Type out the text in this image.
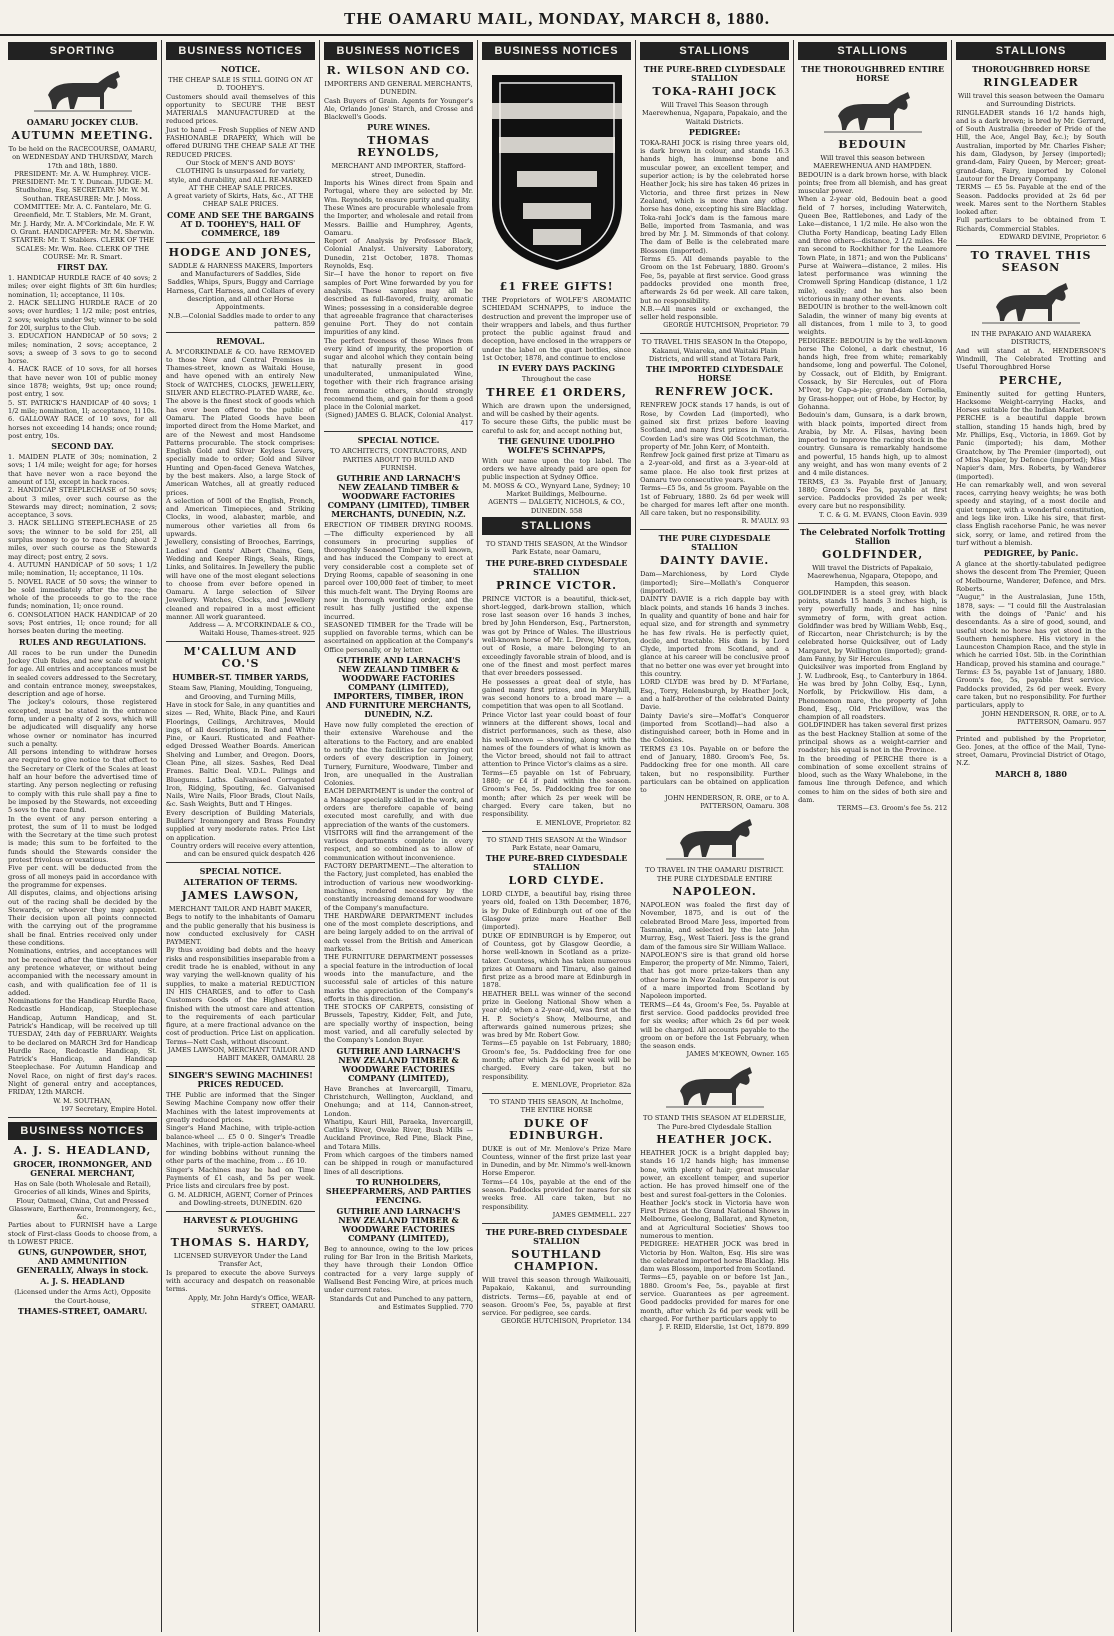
THE OAMARU MAIL, MONDAY, MARCH 8, 1880.
SPORTING
OAMARU JOCKEY CLUB.
AUTUMN MEETING.
To be held on the RACECOURSE, OAMARU, on WEDNESDAY AND THURSDAY, March 17th and 18th, 1880.
PRESIDENT: Mr. A. W. Humphrey. VICE-PRESIDENT: Mr. T. Y. Duncan. JUDGE: M. Studholme, Esq. SECRETARY: Mr. W. M. Southan. TREASURER: Mr. J. Moss.
COMMITTEE: Mr. A. C. Fantelaro, Mr. G. Greenfield, Mr. T. Stablers, Mr. M. Grant, Mr. J. Hardy, Mr. A. M'Corkindale, Mr. F. W. O. Grant. HANDICAPPER: Mr. M. Sherwin. STARTER: Mr. T. Stablers. CLERK OF THE SCALES: Mr. Wm. Ree. CLERK OF THE COURSE: Mr. R. Smart.
FIRST DAY.
1. HANDICAP HURDLE RACE of 40 sovs; 2 miles; over eight flights of 3ft 6in hurdles; nomination, 1l; acceptance, 1l 10s.
2. HACK SELLING HURDLE RACE of 20 sovs; over hurdles; 1 1/2 mile; post entries, 2 sovs; weights under 9st; winner to be sold for 20l, surplus to the Club.
3. EDUCATION HANDICAP of 50 sovs; 2 miles; nomination, 2 sovs; acceptance, 2 sovs; a sweep of 3 sovs to go to second horse.
4. HACK RACE of 10 sovs, for all horses that have never won 10l of public money since 1878; weights, 9st up; once round; post entry, 1 sov.
5. ST. PATRICK'S HANDICAP of 40 sovs; 1 1/2 mile; nomination, 1l; acceptance, 1l 10s.
6. GALLOWAY RACE of 10 sovs, for all horses not exceeding 14 hands; once round; post entry, 10s.
SECOND DAY.
1. MAIDEN PLATE of 30s; nomination, 2 sovs; 1 1/4 mile; weight for age; for horses that have never won a race beyond the amount of 15l, except in hack races.
2. HANDICAP STEEPLECHASE of 50 sovs; about 3 miles, over such course as the Stewards may direct; nomination, 2 sovs; acceptance, 3 sovs.
3. HACK SELLING STEEPLECHASE of 25 sovs; the winner to be sold for 25l, all surplus money to go to race fund; about 2 miles, over such course as the Stewards may direct; post entry, 2 sovs.
4. AUTUMN HANDICAP of 50 sovs; 1 1/2 mile; nomination, 1l; acceptance, 1l 10s.
5. NOVEL RACE of 50 sovs; the winner to be sold immediately after the race; the whole of the proceeds to go to the race funds; nomination, 1l; once round.
6. CONSOLATION HACK HANDICAP of 20 sovs; Post entries, 1l; once round; for all horses beaten during the meeting.
RULES AND REGULATIONS.
All races to be run under the Dunedin Jockey Club Rules, and new scale of weight for age. All entries and acceptances must be in sealed covers addressed to the Secretary, and contain entrance money, sweepstakes, description and age of horse.
The jockey's colours, those registered excepted, must be stated in the entrance form, under a penalty of 2 sovs, which will be adjudicated will disqualify any horse whose owner or nominator has incurred such a penalty.
All persons intending to withdraw horses are required to give notice to that effect to the Secretary or Clerk of the Scales at least half an hour before the advertised time of starting. Any person neglecting or refusing to comply with this rule shall pay a fine to be imposed by the Stewards, not exceeding 5 sovs to the race fund.
In the event of any person entering a protest, the sum of 1l to must be lodged with the Secretary at the time such protest is made; this sum to be forfeited to the funds should the Stewards consider the protest frivolous or vexatious.
Five per cent. will be deducted from the gross of all moneys paid in accordance with the programme for expenses.
All disputes, claims, and objections arising out of the racing shall be decided by the Stewards, or whoever they may appoint. Their decision upon all points connected with the carrying out of the programme shall be final. Entries received only under these conditions.
Nominations, entries, and acceptances will not be received after the time stated under any pretence whatever, or without being accompanied with the necessary amount in cash, and with qualification fee of 1l is added.
Nominations for the Handicap Hurdle Race, Redcastle Handicap, Steeplechase Handicap, Autumn Handicap, and St. Patrick's Handicap, will be received up till TUESDAY, 24th day of FEBRUARY. Weights to be declared on MARCH 3rd for Handicap Hurdle Race, Redcastle Handicap, St. Patrick's Handicap, and Handicap Steeplechase. For Autumn Handicap and Novel Race, on night of first day's races. Night of general entry and acceptances, FRIDAY, 12th MARCH.
W. M. SOUTHAN,
197 Secretary, Empire Hotel.
BUSINESS NOTICES
A. J. S. HEADLAND,
GROCER, IRONMONGER, AND GENERAL MERCHANT,
Has on Sale (both Wholesale and Retail), Groceries of all kinds, Wines and Spirits, Flour, Oatmeal, China, Cut and Pressed Glassware, Earthenware, Ironmongery, &c., &c.
Parties about to FURNISH have a Large stock of First-class Goods to choose from, a th LOWEST PRICE.
GUNS, GUNPOWDER, SHOT, AND AMMUNITION GENERALLY, Always in stock.
A. J. S. HEADLAND
(Licensed under the Arms Act), Opposite the Court-house,
THAMES-STREET, OAMARU.
BUSINESS NOTICES
NOTICE.
THE CHEAP SALE IS STILL GOING ON AT D. TOOHEY'S.
Customers should avail themselves of this opportunity to SECURE THE BEST MATERIALS MANUFACTURED at the reduced prices.
Just to hand — Fresh Supplies of NEW AND FASHIONABLE DRAPERY, Which will be offered DURING THE CHEAP SALE AT THE REDUCED PRICES.
Our Stock of MEN'S AND BOYS' CLOTHING Is unsurpassed for variety, style, and durability, and ALL RE-MARKED AT THE CHEAP SALE PRICES.
A great variety of Skirts, Hats, &c., AT THE CHEAP SALE PRICES.
COME AND SEE THE BARGAINS AT D. TOOHEY'S, HALL OF COMMERCE, 189
HODGE AND JONES,
SADDLE & HARNESS MAKERS, Importers and Manufacturers of Saddles, Side Saddles, Whips, Spurs, Buggy and Carriage Harness, Cart Harness, and Collars of every description, and all other Horse Appointments.
N.B.—Colonial Saddles made to order to any pattern. 859
REMOVAL.
A. M'CORKINDALE & CO. have REMOVED to those New and Central Premises in Thames-street, known as Waitaki House, and have opened with an entirely New Stock of WATCHES, CLOCKS, JEWELLERY, SILVER AND ELECTRO-PLATED WARE, &c.
The above is the finest stock of goods which has ever been offered to the public of Oamaru. The Plated Goods have been imported direct from the Home Market, and are of the Newest and most Handsome Patterns procurable. The stock comprises: English Gold and Silver Keyless Levers, specially made to order; Gold and Silver Hunting and Open-faced Geneva Watches, by the best makers. Also, a large Stock of American Watches, all at greatly reduced prices.
A selection of 500l of the English, French, and American Timepieces, and Striking Clocks, in wood, alabaster, marble, and numerous other varieties all from 6s upwards.
Jewellery, consisting of Brooches, Earrings, Ladies' and Gents' Albert Chains, Gem, Wedding and Keeper Rings, Seals, Rings, Links, and Solitaires. In Jewellery the public will have one of the most elegant selections to choose from ever before opened in Oamaru. A large selection of Silver Jewellery. Watches, Clocks, and Jewellery cleaned and repaired in a most efficient manner. All work guaranteed.
Address — A. M'CORKINDALE & CO., Waitaki House, Thames-street. 925
M'CALLUM AND CO.'S
HUMBER-ST. TIMBER YARDS,
Steam Saw, Planing, Moulding, Tongueing, and Grooving, and Turning Mills,
Have in stock for Sale, in any quantities and sizes — Red, White, Black Pine, and Kauri Floorings, Ceilings, Architraves, Mould ings, of all descriptions, in Red and White Pine, or Kauri. Rusticated and Feather-edged Dressed Weather Boards. American Shelving and Lumber, and Oregon. Doors, Clean Pine, all sizes. Sashes, Red Deal Frames. Baltic Deal. V.D.L. Palings and Bluegums. Laths. Galvanised Corrugated Iron, Ridging, Spouting, &c. Galvanised Nails, Wire Nails, Floor Brads, Clout Nails, &c. Sash Weights, Butt and T Hinges.
Every description of Building Materials, Builders' Ironmongery and Brass Foundry supplied at very moderate rates. Price List on application.
Country orders will receive every attention, and can be ensured quick despatch 426
SPECIAL NOTICE.
ALTERATION OF TERMS.
JAMES LAWSON,
MERCHANT TAILOR AND HABIT MAKER,
Begs to notify to the inhabitants of Oamaru and the public generally that his business is now conducted exclusively for CASH PAYMENT.
By thus avoiding bad debts and the heavy risks and responsibilities inseparable from a credit trade he is enabled, without in any way varying the well-known quality of his supplies, to make a material REDUCTION IN HIS CHARGES, and to offer to Cash Customers Goods of the Highest Class, finished with the utmost care and attention to the requirements of each particular figure, at a mere fractional advance on the cost of production. Price List on application. Terms—Nett Cash, without discount.
JAMES LAWSON, MERCHANT TAILOR AND HABIT MAKER, OAMARU. 28
SINGER'S SEWING MACHINES! PRICES REDUCED.
THE Public are informed that the Singer Sewing Machine Company now offer their Machines with the latest improvements at greatly reduced prices.
Singer's Hand Machine, with triple-action balance-wheel ... £5 0 0. Singer's Treadle Machines, with triple-action balance-wheel for winding bobbins without running the other parts of the machine, from ... £6 10.
Singer's Machines may be had on Time Payments of £1 cash, and 5s per week. Price lists and circulars free by post.
G. M. ALDRICH, AGENT, Corner of Princes and Dowling-streets, DUNEDIN. 620
HARVEST & PLOUGHING SURVEYS.
THOMAS S. HARDY,
LICENSED SURVEYOR Under the Land Transfer Act,
Is prepared to execute the above Surveys with accuracy and despatch on reasonable terms.
Apply, Mr. John Hardy's Office, WEAR-STREET, OAMARU.
BUSINESS NOTICES
R. WILSON AND CO.
IMPORTERS AND GENERAL MERCHANTS, DUNEDIN.
Cash Buyers of Grain. Agents for Younger's Ale, Orlando Jones' Starch, and Crosse and Blackwell's Goods.
PURE WINES.
THOMAS REYNOLDS,
MERCHANT AND IMPORTER, Stafford-street, Dunedin.
Imports his Wines direct from Spain and Portugal, where they are selected by Mr. Wm. Reynolds, to ensure purity and quality.
These Wines are procurable wholesale from the Importer, and wholesale and retail from Messrs. Baillie and Humphrey, Agents, Oamaru.
Report of Analysis by Professor Black, Colonial Analyst. University Laboratory, Dunedin, 21st October, 1878. Thomas Reynolds, Esq.
Sir—I have the honor to report on five samples of Port Wine forwarded by you for analysis. These samples may all be described as full-flavored, fruity, aromatic Wines; possessing in a considerable degree that agreeable fragrance that characterises genuine Port. They do not contain impurities of any kind.
The perfect freeness of these Wines from every kind of impurity, the proportion of sugar and alcohol which they contain being that naturally present in good unadulterated, unmanipulated Wine, together with their rich fragrance arising from aromatic ethers, should strongly recommend them, and gain for them a good place in the Colonial market.
(Signed) JAMES G. BLACK, Colonial Analyst. 417
SPECIAL NOTICE.
TO ARCHITECTS, CONTRACTORS, AND PARTIES ABOUT TO BUILD AND FURNISH.
GUTHRIE AND LARNACH'S NEW ZEALAND TIMBER & WOODWARE FACTORIES COMPANY (LIMITED), TIMBER MERCHANTS, DUNEDIN, N.Z.
ERECTION OF TIMBER DRYING ROOMS. —The difficulty experienced by all consumers in procuring supplies of thoroughly Seasoned Timber is well known, and has induced the Company to erect at very considerable cost a complete set of Drying Rooms, capable of seasoning in one parcel over 100,000 feet of timber, to meet this much-felt want. The Drying Rooms are now in thorough working order, and the result has fully justified the expense incurred.
SEASONED TIMBER for the Trade will be supplied on favorable terms, which can be ascertained on application at the Company's Office personally, or by letter.
GUTHRIE AND LARNACH'S NEW ZEALAND TIMBER & WOODWARE FACTORIES COMPANY (LIMITED), IMPORTERS, TIMBER, IRON AND FURNITURE MERCHANTS, DUNEDIN, N.Z.
Have now fully completed the erection of their extensive Warehouse and the alterations to the Factory, and are enabled to notify the the facilities for carrying out orders of every description in Joinery, Turnery, Furniture, Woodware, Timber and Iron, are unequalled in the Australian Colonies.
EACH DEPARTMENT is under the control of a Manager specially skilled in the work, and orders are therefore capable of being executed most carefully, and with due appreciation of the wants of the customers.
VISITORS will find the arrangement of the various departments complete in every respect, and so combined as to allow of communication without inconvenience.
FACTORY DEPARTMENT.—The alteration to the Factory, just completed, has enabled the introduction of various new woodworking-machines, rendered necessary by the constantly increasing demand for woodware of the Company's manufacture.
THE HARDWARE DEPARTMENT includes one of the most complete descriptions, and are being largely added to on the arrival of each vessel from the British and American markets.
THE FURNITURE DEPARTMENT possesses a special feature in the introduction of local woods into the manufacture, and the successful sale of articles of this nature marks the appreciation of the Company's efforts in this direction.
THE STOCKS OF CARPETS, consisting of Brussels, Tapestry, Kidder, Felt, and Jute, are specially worthy of inspection, being most varied, and all carefully selected by the Company's London Buyer.
GUTHRIE AND LARNACH'S NEW ZEALAND TIMBER & WOODWARE FACTORIES COMPANY (LIMITED),
Have Branches at Invercargill, Timaru, Christchurch, Wellington, Auckland, and Onehunga; and at 114, Cannon-street, London.
Whatipu, Kauri Hill, Paraeka, Invercargill, Catlin's River, Owake River, Bush Mills — Auckland Province, Red Pine, Black Pine, and Totara Mills.
From which cargoes of the timbers named can be shipped in rough or manufactured lines of all descriptions.
TO RUNHOLDERS, SHEEPFARMERS, AND PARTIES FENCING.
GUTHRIE AND LARNACH'S NEW ZEALAND TIMBER & WOODWARE FACTORIES COMPANY (LIMITED),
Beg to announce, owing to the low prices ruling for Bar Iron in the British Markets, they have through their London Office contracted for a very large supply of Wallsend Best Fencing Wire, at prices much under current rates.
Standards Cut and Punched to any pattern, and Estimates Supplied. 770
BUSINESS NOTICES
£1 FREE GIFTS!
THE Proprietors of WOLFE'S AROMATIC SCHIEDAM SCHNAPPS, to induce the destruction and prevent the improper use of their wrappers and labels, and thus further protect the public against fraud and deception, have enclosed in the wrappers or under the label on the quart bottles, since 1st October, 1878, and continue to enclose
IN EVERY DAYS PACKING
Throughout the case
THREE £1 ORDERS,
Which are drawn upon the undersigned, and will be cashed by their agents.
To secure these Gifts, the public must be careful to ask for, and accept nothing but,
THE GENUINE UDOLPHO WOLFE'S SCHNAPPS,
With our name upon the top label. The orders we have already paid are open for public inspection at Sydney Office.
M. MOSS & CO., Wynyard Lane, Sydney; 10 Market Buildings, Melbourne.
AGENTS — DALGETY, NICHOLS, & CO., DUNEDIN. 558
STALLIONS
TO STAND THIS SEASON, At the Windsor Park Estate, near Oamaru,
THE PURE-BRED CLYDESDALE STALLION
PRINCE VICTOR.
PRINCE VICTOR is a beautiful, thick-set, short-legged, dark-brown stallion, which rose last season over 16 hands 3 inches, bred by John Henderson, Esq., Partnerston, was got by Prince of Wales. The illustrious well-known horse of Mr. L. Drew, Merryton, out of Rosie, a mare belonging to an exceedingly favorable strain of blood, and is one of the finest and most perfect mares that ever breeders possessed.
He possesses a great deal of style, has gained many first prizes, and in Maryhill, was second honors to a broad mare — a competition that was open to all Scotland.
Prince Victor last year could boast of four winners at the different shows, local and district performances, such as these, also his well-known — showing, along with the names of the founders of what is known as the Victor breed, should not fail to attract attention to Prince Victor's claims as a sire.
Terms—£5 payable on 1st of February, 1880; or £4 if paid within the season. Groom's Fee, 5s. Paddocking free for one month; after which 2s per week will be charged. Every care taken, but no responsibility.
E. MENLOVE, Proprietor. 82
TO STAND THIS SEASON At the Windsor Park Estate, near Oamaru,
THE PURE-BRED CLYDESDALE STALLION
LORD CLYDE.
LORD CLYDE, a beautiful bay, rising three years old, foaled on 13th December, 1876, is by Duke of Edinburgh out of one of the Glasgow prize mare Heather Bell (imported).
DUKE OF EDINBURGH is by Emperor, out of Countess, got by Glasgow Geordie, a horse well-known in Scotland as a prize-taker. Countess, which has taken numerous prizes at Oamaru and Timaru, also gained first prize as a brood mare at Edinburgh in 1878.
HEATHER BELL was winner of the second prize in Geelong National Show when a year old; when a 2-year-old, was first at the H. P. Society's Show, Melbourne, and afterwards gained numerous prizes; she was bred by Mr. Robert Gow.
Terms—£5 payable on 1st February, 1880; Groom's fee, 5s. Paddocking free for one month; after which 2s 6d per week will be charged. Every care taken, but no responsibility.
E. MENLOVE, Proprietor. 82a
TO STAND THIS SEASON, At Incholme, THE ENTIRE HORSE
DUKE OF EDINBURGH.
DUKE is out of Mr. Menlove's Prize Mare Countess, winner of the first prize last year in Dunedin, and by Mr. Nimmo's well-known Horse Emperor.
Terms—£4 10s, payable at the end of the season. Paddocks provided for mares for six weeks free. All care taken, but no responsibility.
JAMES GEMMELL. 227
THE PURE-BRED CLYDESDALE STALLION
SOUTHLAND CHAMPION.
Will travel this season through Waikouaiti, Papakaio, Kakanui, and surrounding districts. Terms—£6, payable at end of season. Groom's Fee, 5s, payable at first service. For pedigree, see cards.
GEORGE HUTCHISON, Proprietor. 134
STALLIONS
THE PURE-BRED CLYDESDALE STALLION
TOKA-RAHI JOCK
Will Travel This Season through Maerewhenua, Ngapara, Papakaio, and the Waitaki Districts.
PEDIGREE:
TOKA-RAHI JOCK is rising three years old, is dark brown in colour, and stands 16.3 hands high, has immense bone and muscular power, an excellent temper, and superior action; is by the celebrated horse Heather Jock; his sire has taken 46 prizes in Victoria, and three first prizes in New Zealand, which is more than any other horse has done, excepting his sire Blacklag.
Toka-rahi Jock's dam is the famous mare Belle, imported from Tasmania, and was bred by Mr. J. M. Simmonds of that colony. The dam of Belle is the celebrated mare Blossom (imported).
Terms £5. All demands payable to the Groom on the 1st February, 1880. Groom's Fee, 5s, payable at first service. Good grass paddocks provided one month free, afterwards 2s 6d per week. All care taken, but no responsibility.
N.B.—All mares sold or exchanged, the seller held responsible.
GEORGE HUTCHISON, Proprietor. 79
TO TRAVEL THIS SEASON In the Otepopo, Kakanui, Waiareka, and Waitaki Plain Districts, and will stand at Totara Park,
THE IMPORTED CLYDESDALE HORSE
RENFREW JOCK.
RENFREW JOCK stands 17 hands, is out of Rose, by Cowden Lad (imported), who gained six first prizes before leaving Scotland, and many first prizes in Victoria. Cowden Lad's sire was Old Scotchman, the property of Mr. John Kerr, of Monteith.
Renfrew Jock gained first prize at Timaru as a 2-year-old, and first as a 3-year-old at same place. He also took first prizes at Oamaru two consecutive years.
Terms—£5 5s, and 5s groom. Payable on the 1st of February, 1880. 2s 6d per week will be charged for mares left after one month. All care taken, but no responsibility.
R. M'AULY. 93
THE PURE CLYDESDALE STALLION
DAINTY DAVIE.
Dam—Marchioness, by Lord Clyde (imported); Sire—Mollath's Conqueror (imported).
DAINTY DAVIE is a rich dapple bay with black points, and stands 16 hands 3 inches. In quality and quantity of bone and hair for equal size, and for strength and symmetry he has few rivals. He is perfectly quiet, docile, and tractable. His dam is by Lord Clyde, imported from Scotland, and a glance at his career will be conclusive proof that no better one was ever yet brought into this country.
LORD CLYDE was bred by D. M'Farlane, Esq., Torry, Helensburgh, by Heather Jock, and a half-brother of the celebrated Dainty Davie.
Dainty Davie's sire—Moffat's Conqueror (imported from Scotland)—had also a distinguished career, both in Home and in the Colonies.
TERMS £3 10s. Payable on or before the end of January, 1880. Groom's Fee, 5s. Paddocking free for one month. All care taken, but no responsibility. Further particulars can be obtained on application to
JOHN HENDERSON, R. ORE, or to A. PATTERSON, Oamaru. 308
TO TRAVEL IN THE OAMARU DISTRICT. THE PURE CLYDESDALE ENTIRE
NAPOLEON.
NAPOLEON was foaled the first day of November, 1875, and is out of the celebrated Brood Mare Jess, imported from Tasmania, and selected by the late John Murray, Esq., West Taieri. Jess is the grand dam of the famous sire Sir William Wallace.
NAPOLEON'S sire is that grand old horse Emperor, the property of Mr. Nimmo, Taieri, that has got more prize-takers than any other horse in New Zealand. Emperor is out of a mare imported from Scotland by Napoleon imported.
TERMS—£4 4s, Groom's Fee, 5s. Payable at first service. Good paddocks provided free for six weeks; after which 2s 6d per week will be charged. All accounts payable to the groom on or before the 1st February, when the season ends.
JAMES M'KEOWN, Owner. 165
TO STAND THIS SEASON AT ELDERSLIE, The Pure-bred Clydesdale Stallion
HEATHER JOCK.
HEATHER JOCK is a bright dappled bay; stands 16 1/2 hands high; has immense bone, with plenty of hair; great muscular power, an excellent temper, and superior action. He has proved himself one of the best and surest foal-getters in the Colonies.
Heather Jock's stock in Victoria have won First Prizes at the Grand National Shows in Melbourne, Geelong, Ballarat, and Kyneton, and at Agricultural Societies' Shows too numerous to mention.
PEDIGREE: HEATHER JOCK was bred in Victoria by Hon. Walton, Esq. His sire was the celebrated imported horse Blacklag. His dam was Blossom, imported from Scotland.
Terms—£5, payable on or before 1st Jan., 1880. Groom's Fee, 5s., payable at first service. Guarantees as per agreement. Good paddocks provided for mares for one month, after which 2s 6d per week will be charged. For further particulars apply to
J. F. REID, Elderslie, 1st Oct, 1879. 899
STALLIONS
THE THOROUGHBRED ENTIRE HORSE
BEDOUIN
Will travel this season between MAEREWHENUA AND HAMPDEN.
BEDOUIN is a dark brown horse, with black points; free from all blemish, and has great muscular power.
When a 2-year old, Bedouin beat a good field of 7 horses, including Waterwitch, Queen Bee, Rattlebones, and Lady of the Lake—distance, 1 1/2 mile. He also won the Clutha Forty Handicap, beating Lady Ellen and three others—distance, 2 1/2 miles. He ran second to Rockhither for the Leamore Town Plate, in 1871; and won the Publicans' Purse at Waiwera—distance, 2 miles. His latest performance was winning the Cromwell Spring Handicap (distance, 1 1/2 mile), easily; and he has also been victorious in many other events.
BEDOUIN is brother to the well-known colt Saladin, the winner of many big events at all distances, from 1 mile to 3, to good weights.
PEDIGREE: BEDOUIN is by the well-known horse The Colonel, a dark chestnut, 16 hands high, free from white; remarkably handsome, long and powerful. The Colonel, by Cossack, out of Eldith, by Emigrant. Cossack, by Sir Hercules, out of Flora M'Ivor, by Cap-a-pie; grand-dam Cornelia, by Grass-hopper, out of Hobe, by Hector, by Gohanna.
Bedouin's dam, Gunsara, is a dark brown, with black points, imported direct from Arabia, by Mr. A. Filsas, having been imported to improve the racing stock in the country. Gunsara is remarkably handsome and powerful, 15 hands high, up to almost any weight, and has won many events of 2 and 4 mile distances.
TERMS, £3 3s. Payable first of January, 1880; Groom's Fee 5s, payable at first service. Paddocks provided 2s per week; every care but no responsibility.
T. C. & G. M. EVANS, Cloon Eavin. 939
The Celebrated Norfolk Trotting Stallion
GOLDFINDER,
Will travel the Districts of Papakaio, Maerewhenua, Ngapara, Otepopo, and Hampden, this season.
GOLDFINDER is a steel grey, with black points, stands 15 hands 3 inches high, is very powerfully made, and has nine symmetry of form, with great action. Goldfinder was bred by William Webb, Esq., of Riccarton, near Christchurch; is by the celebrated horse Quicksilver, out of Lady Margaret, by Wellington (imported); grand-dam Fanny, by Sir Hercules.
Quicksilver was imported from England by J. W. Ludbrook, Esq., to Canterbury in 1864. He was bred by John Colby, Esq., Lynn, Norfolk, by Prickwillow. His dam, a Phenomenon mare, the property of John Bond, Esq., Old Prickwillow, was the champion of all roadsters.
GOLDFINDER has taken several first prizes as the best Hackney Stallion at some of the principal shows as a weight-carrier and roadster; his equal is not in the Province.
In the breeding of PERCHE there is a combination of some excellent strains of blood, such as the Waxy Whalebone, in the famous line through Defence, and which comes to him on the sides of both sire and dam.
TERMS—£3. Groom's fee 5s. 212
STALLIONS
THOROUGHBRED HORSE
RINGLEADER
Will travel this season between the Oamaru and Surrounding Districts.
RINGLEADER stands 16 1/2 hands high, and is a dark brown; is bred by Mr. Gerrard, of South Australia (breeder of Pride of the Hill, the Ace, Angel Bay, &c.); by South Australian, imported by Mr. Charles Fisher; his dam, Gladyson, by Jersey (imported); grand-dam, Fairy Queen, by Mercer; great-grand-dam, Fairy, imported by Colonel Lautour for the Dreary Company.
TERMS — £5 5s. Payable at the end of the Season. Paddocks provided at 2s 6d per week. Mares sent to the Northern Stables looked after.
Full particulars to be obtained from T. Richards, Commercial Stables.
EDWARD DEVINE, Proprietor. 6
TO TRAVEL THIS SEASON
IN THE PAPAKAIO AND WAIAREKA DISTRICTS,
And will stand at A. HENDERSON'S Windmill, The Celebrated Trotting and Useful Thoroughbred Horse
PERCHE,
Eminently suited for getting Hunters, Hacksome Weight-carrying Hacks, and Horses suitable for the Indian Market.
PERCHE is a beautiful dapple brown stallion, standing 15 hands high, bred by Mr. Phillips, Esq., Victoria, in 1869. Got by Panic (imported); his dam, Mother Graatchow, by The Premier (imported), out of Miss Napier, by Defence (imported); Miss Napier's dam, Mrs. Roberts, by Wanderer (imported).
He can remarkably well, and won several races, carrying heavy weights; he was both speedy and staying, of a most docile and quiet temper, with a wonderful constitution, and legs like iron. Like his sire, that first-class English racehorse Panic, he was never sick, sorry, or lame, and retired from the turf without a blemish.
PEDIGREE, by Panic.
A glance at the shortly-tabulated pedigree shows the descent from The Premier, Queen of Melbourne, Wanderer, Defence, and Mrs. Roberts.
"Augur," in the Australasian, June 15th, 1878, says: — "I could fill the Australasian with the doings of 'Panic' and his descendants. As a sire of good, sound, and useful stock no horse has yet stood in the Southern hemisphere. His victory in the Launceston Champion Race, and the style in which he carried 10st. 5lb. in the Corinthian Handicap, proved his stamina and courage."
Terms: £3 5s, payable 1st of January, 1880. Groom's fee, 5s, payable first service. Paddocks provided, 2s 6d per week. Every care taken, but no responsibility. For further particulars, apply to
JOHN HENDERSON, R. ORE, or to A. PATTERSON, Oamaru. 957
Printed and published by the Proprietor, Geo. Jones, at the office of the Mail, Tyne-street, Oamaru, Provincial District of Otago, N.Z.
MARCH 8, 1880
